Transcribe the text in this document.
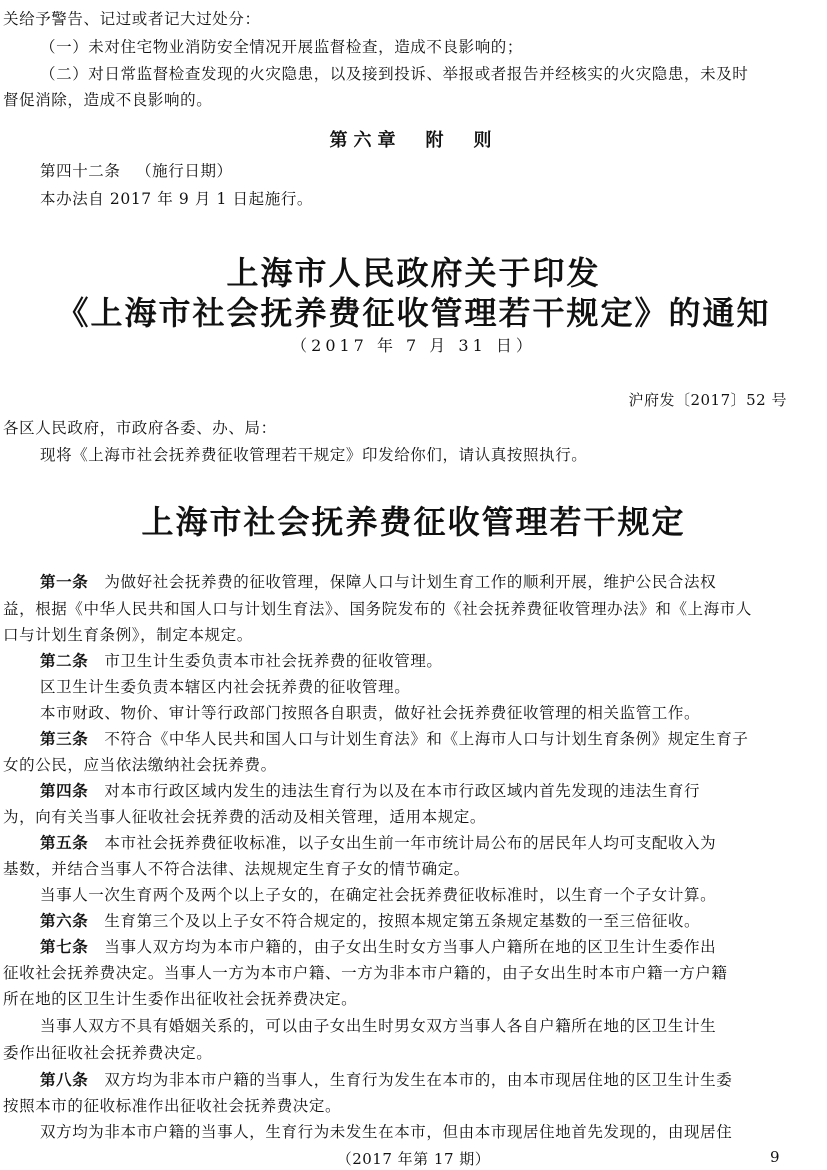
关给予警告、记过或者记大过处分：
（一）未对住宅物业消防安全情况开展监督检查，造成不良影响的；
（二）对日常监督检查发现的火灾隐患，以及接到投诉、举报或者报告并经核实的火灾隐患，未及时
督促消除，造成不良影响的。
第六章　附　则
第四十二条 （施行日期）
本办法自 2017 年 9 月 1 日起施行。
上海市人民政府关于印发
《上海市社会抚养费征收管理若干规定》的通知
（2017 年 7 月 31 日）
沪府发〔2017〕52 号
各区人民政府，市政府各委、办、局：
现将《上海市社会抚养费征收管理若干规定》印发给你们，请认真按照执行。
上海市社会抚养费征收管理若干规定
第一条　为做好社会抚养费的征收管理，保障人口与计划生育工作的顺利开展，维护公民合法权
益，根据《中华人民共和国人口与计划生育法》、国务院发布的《社会抚养费征收管理办法》和《上海市人
口与计划生育条例》，制定本规定。
第二条　市卫生计生委负责本市社会抚养费的征收管理。
区卫生计生委负责本辖区内社会抚养费的征收管理。
本市财政、物价、审计等行政部门按照各自职责，做好社会抚养费征收管理的相关监管工作。
第三条　不符合《中华人民共和国人口与计划生育法》和《上海市人口与计划生育条例》规定生育子
女的公民，应当依法缴纳社会抚养费。
第四条　对本市行政区域内发生的违法生育行为以及在本市行政区域内首先发现的违法生育行
为，向有关当事人征收社会抚养费的活动及相关管理，适用本规定。
第五条　本市社会抚养费征收标准，以子女出生前一年市统计局公布的居民年人均可支配收入为
基数，并结合当事人不符合法律、法规规定生育子女的情节确定。
当事人一次生育两个及两个以上子女的，在确定社会抚养费征收标准时，以生育一个子女计算。
第六条　生育第三个及以上子女不符合规定的，按照本规定第五条规定基数的一至三倍征收。
第七条　当事人双方均为本市户籍的，由子女出生时女方当事人户籍所在地的区卫生计生委作出
征收社会抚养费决定。当事人一方为本市户籍、一方为非本市户籍的，由子女出生时本市户籍一方户籍
所在地的区卫生计生委作出征收社会抚养费决定。
当事人双方不具有婚姻关系的，可以由子女出生时男女双方当事人各自户籍所在地的区卫生计生
委作出征收社会抚养费决定。
第八条　双方均为非本市户籍的当事人，生育行为发生在本市的，由本市现居住地的区卫生计生委
按照本市的征收标准作出征收社会抚养费决定。
双方均为非本市户籍的当事人，生育行为未发生在本市，但由本市现居住地首先发现的，由现居住
（2017 年第 17 期）	9
